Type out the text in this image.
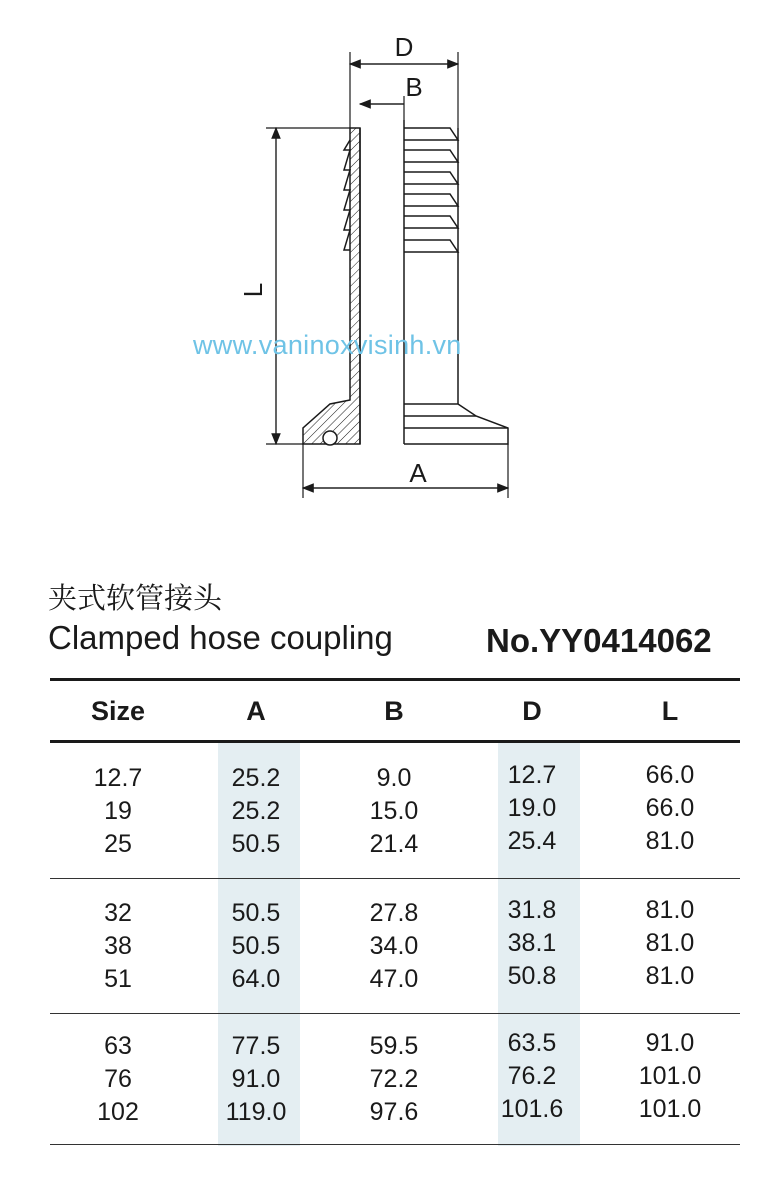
D
B
L
A
www.vaninoxvisinh.vn
夹式软管接头
Clamped hose coupling	No.YY0414062
Size	A	B	D	L
12.7	25.2	9.0	12.7	66.0
19	25.2	15.0	19.0	66.0
25	50.5	21.4	25.4	81.0
32	50.5	27.8	31.8	81.0
38	50.5	34.0	38.1	81.0
51	64.0	47.0	50.8	81.0
63	77.5	59.5	63.5	91.0
76	91.0	72.2	76.2	101.0
102	119.0	97.6	101.6	101.0
